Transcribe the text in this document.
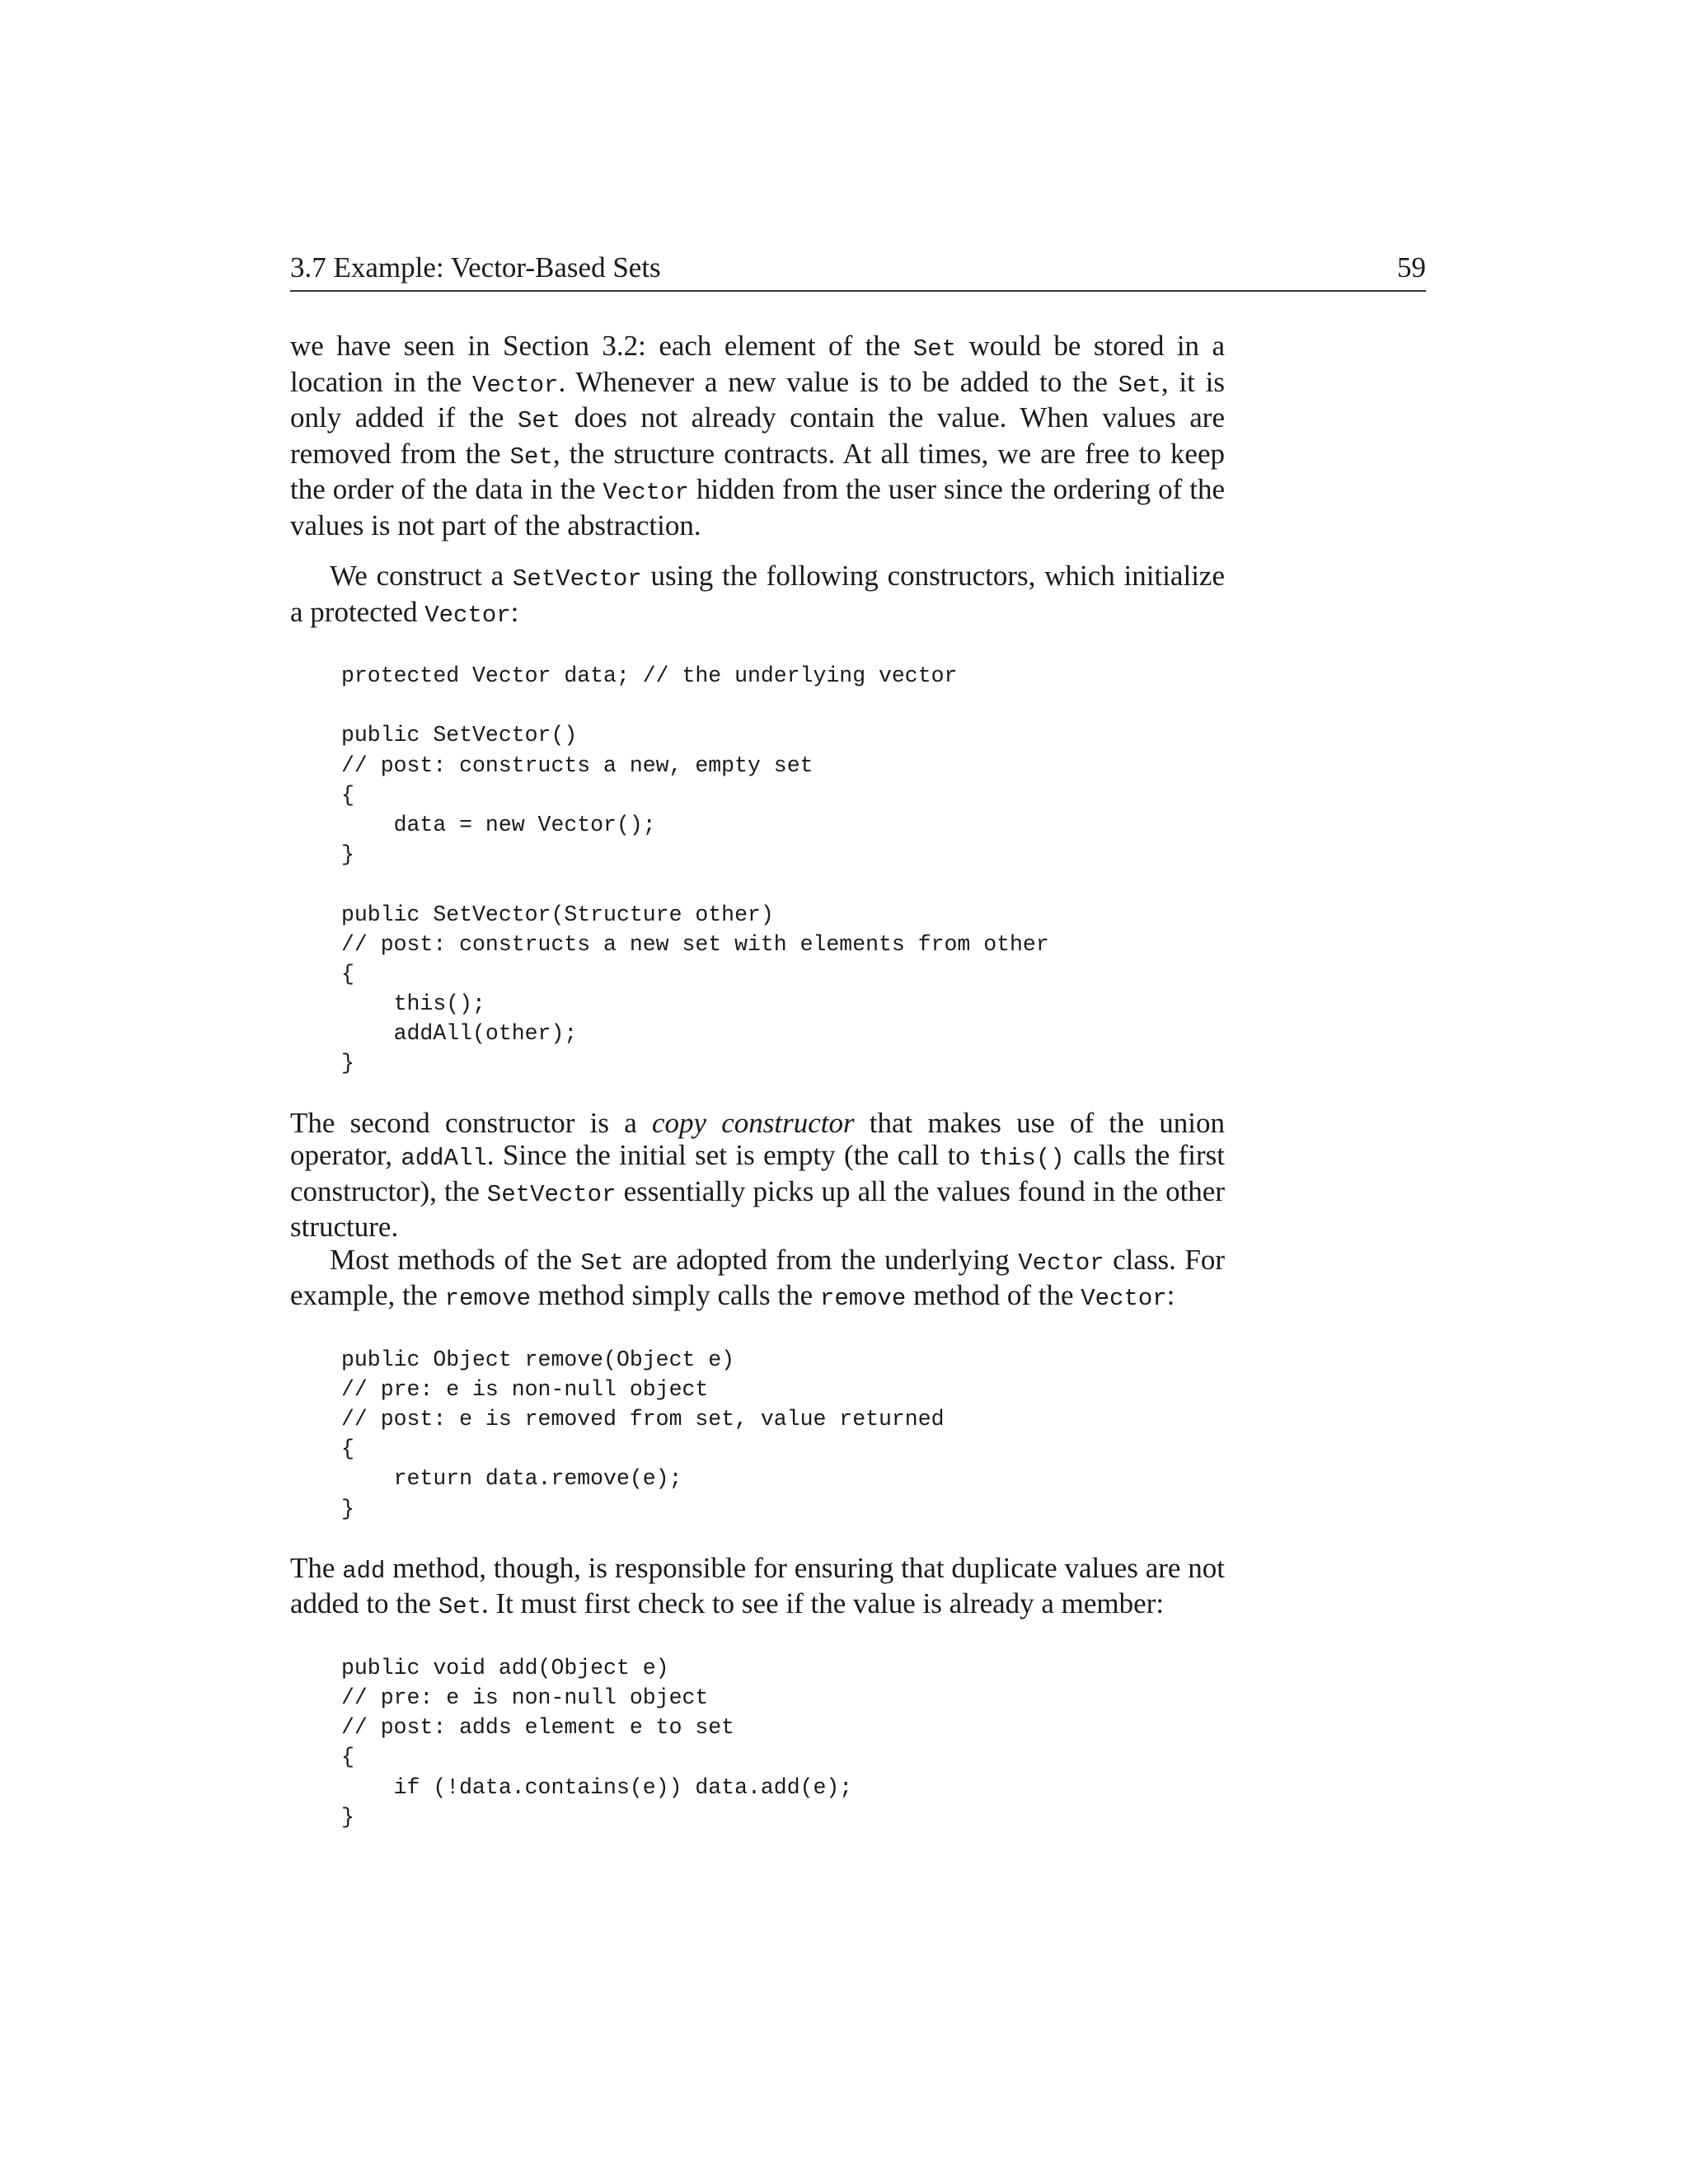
3.7 Example: Vector-Based Sets	59

we have seen in Section 3.2: each element of the Set would be stored in a location in the Vector. Whenever a new value is to be added to the Set, it is only added if the Set does not already contain the value. When values are removed from the Set, the structure contracts. At all times, we are free to keep the order of the data in the Vector hidden from the user since the ordering of the values is not part of the abstraction.

We construct a SetVector using the following constructors, which initialize a protected Vector:

protected Vector data; // the underlying vector
public SetVector()
// post: constructs a new, empty set
{
data = new Vector();
}
public SetVector(Structure other)
// post: constructs a new set with elements from other
{
this();
addAll(other);
}

The second constructor is a copy constructor that makes use of the union operator, addAll. Since the initial set is empty (the call to this() calls the first constructor), the SetVector essentially picks up all the values found in the other structure.

Most methods of the Set are adopted from the underlying Vector class. For example, the remove method simply calls the remove method of the Vector:

public Object remove(Object e)
// pre: e is non-null object
// post: e is removed from set, value returned
{
return data.remove(e);
}

The add method, though, is responsible for ensuring that duplicate values are not added to the Set. It must first check to see if the value is already a member:

public void add(Object e)
// pre: e is non-null object
// post: adds element e to set
{
if (!data.contains(e)) data.add(e);
}
